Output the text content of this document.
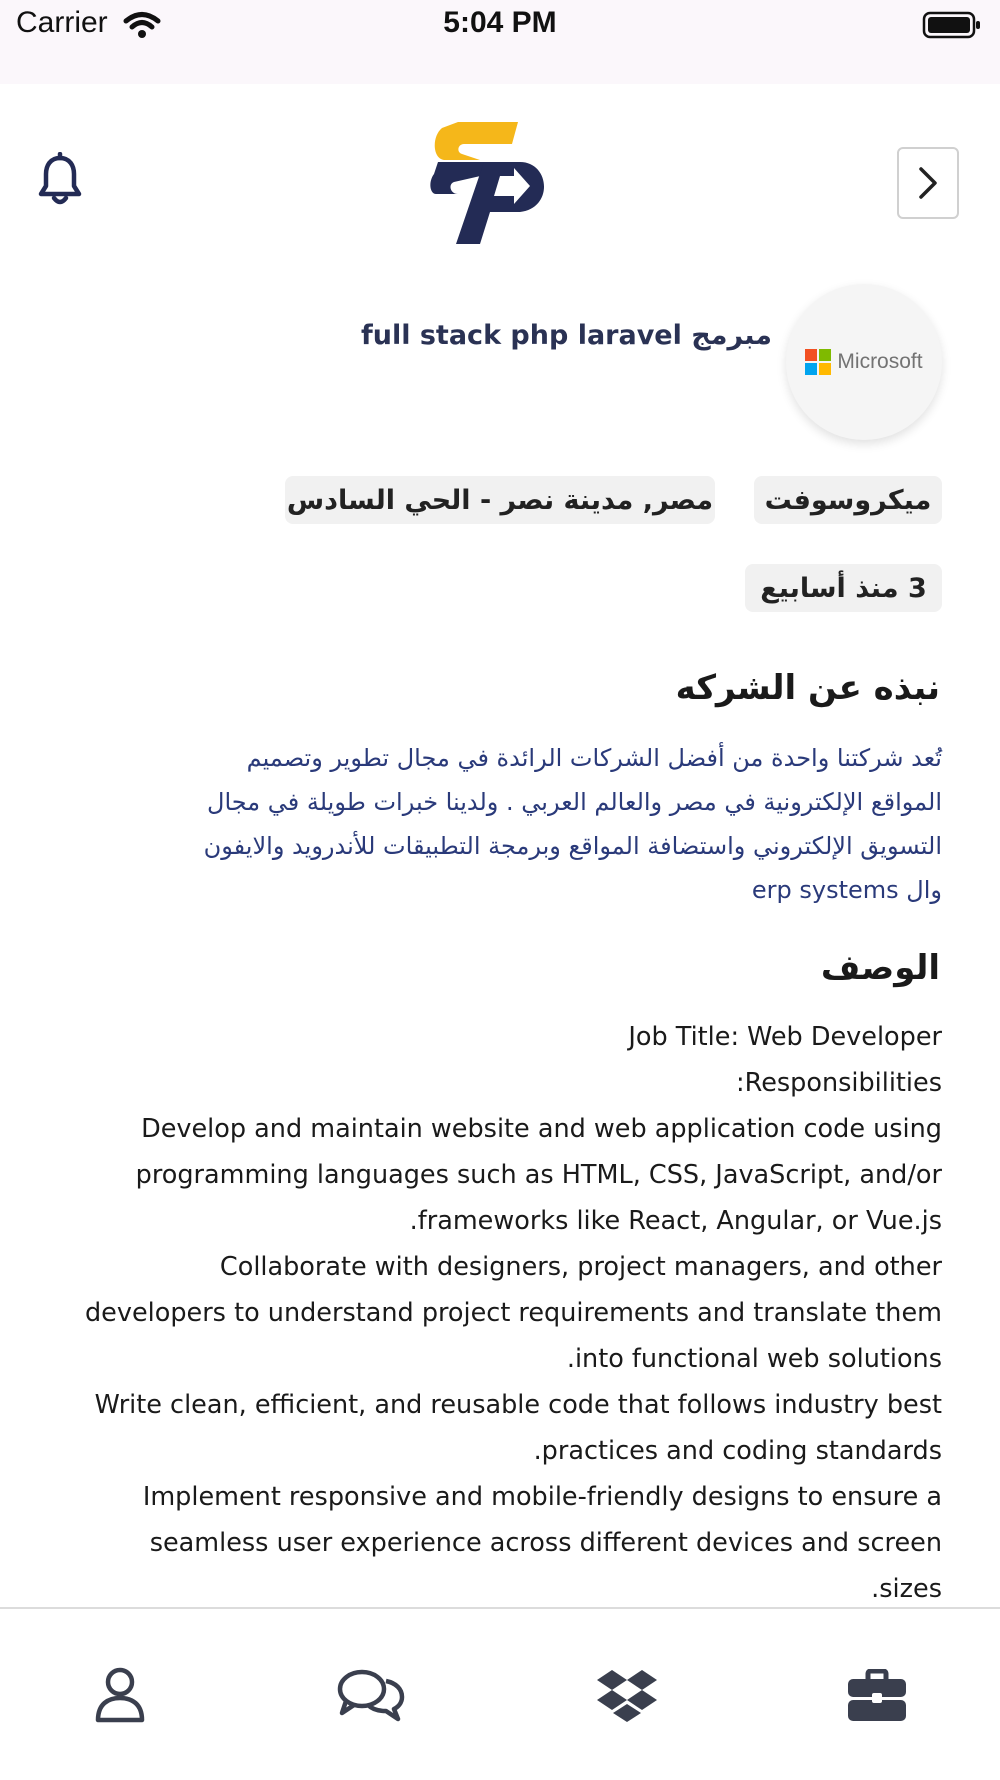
Carrier	5:04 PM
Microsoft
مبرمج full stack php laravel
ميكروسوفت
مصر, مدينة نصر - الحي السادس
3 منذ أسابيع
نبذه عن الشركه
تُعد شركتنا واحدة من أفضل الشركات الرائدة في مجال تطوير وتصميم
المواقع الإلكترونية في مصر والعالم العربي . ولدينا خبرات طويلة في مجال
التسويق الإلكتروني واستضافة المواقع وبرمجة التطبيقات للأندرويد والايفون
وال erp systems
الوصف
Job Title: Web Developer
Responsibilities:
Develop and maintain website and web application code using
programming languages such as HTML, CSS, JavaScript, and/or
frameworks like React, Angular, or Vue.js.
Collaborate with designers, project managers, and other
developers to understand project requirements and translate them
into functional web solutions.
Write clean, efficient, and reusable code that follows industry best
practices and coding standards.
Implement responsive and mobile-friendly designs to ensure a
seamless user experience across different devices and screen
sizes.
